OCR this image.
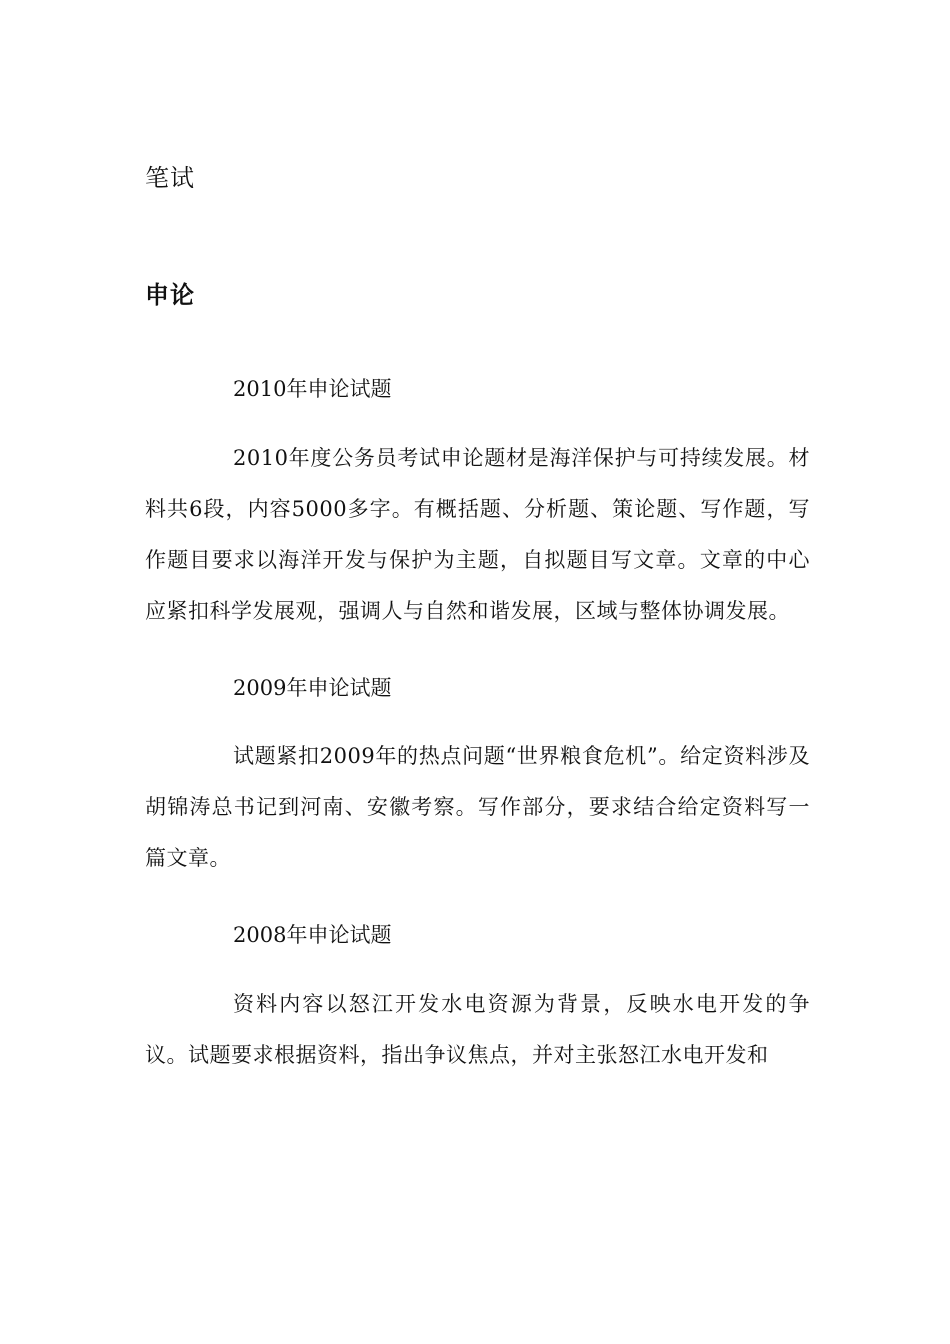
笔试
申论
2010年申论试题

2010年度公务员考试申论题材是海洋保护与可持续发展。材料共6段，内容5000多字。有概括题、分析题、策论题、写作题，写作题目要求以海洋开发与保护为主题，自拟题目写文章。文章的中心应紧扣科学发展观，强调人与自然和谐发展，区域与整体协调发展。

2009年申论试题

试题紧扣2009年的热点问题“世界粮食危机”。给定资料涉及胡锦涛总书记到河南、安徽考察。写作部分，要求结合给定资料写一篇文章。

2008年申论试题

资料内容以怒江开发水电资源为背景，反映水电开发的争议。试题要求根据资料，指出争议焦点，并对主张怒江水电开发和
